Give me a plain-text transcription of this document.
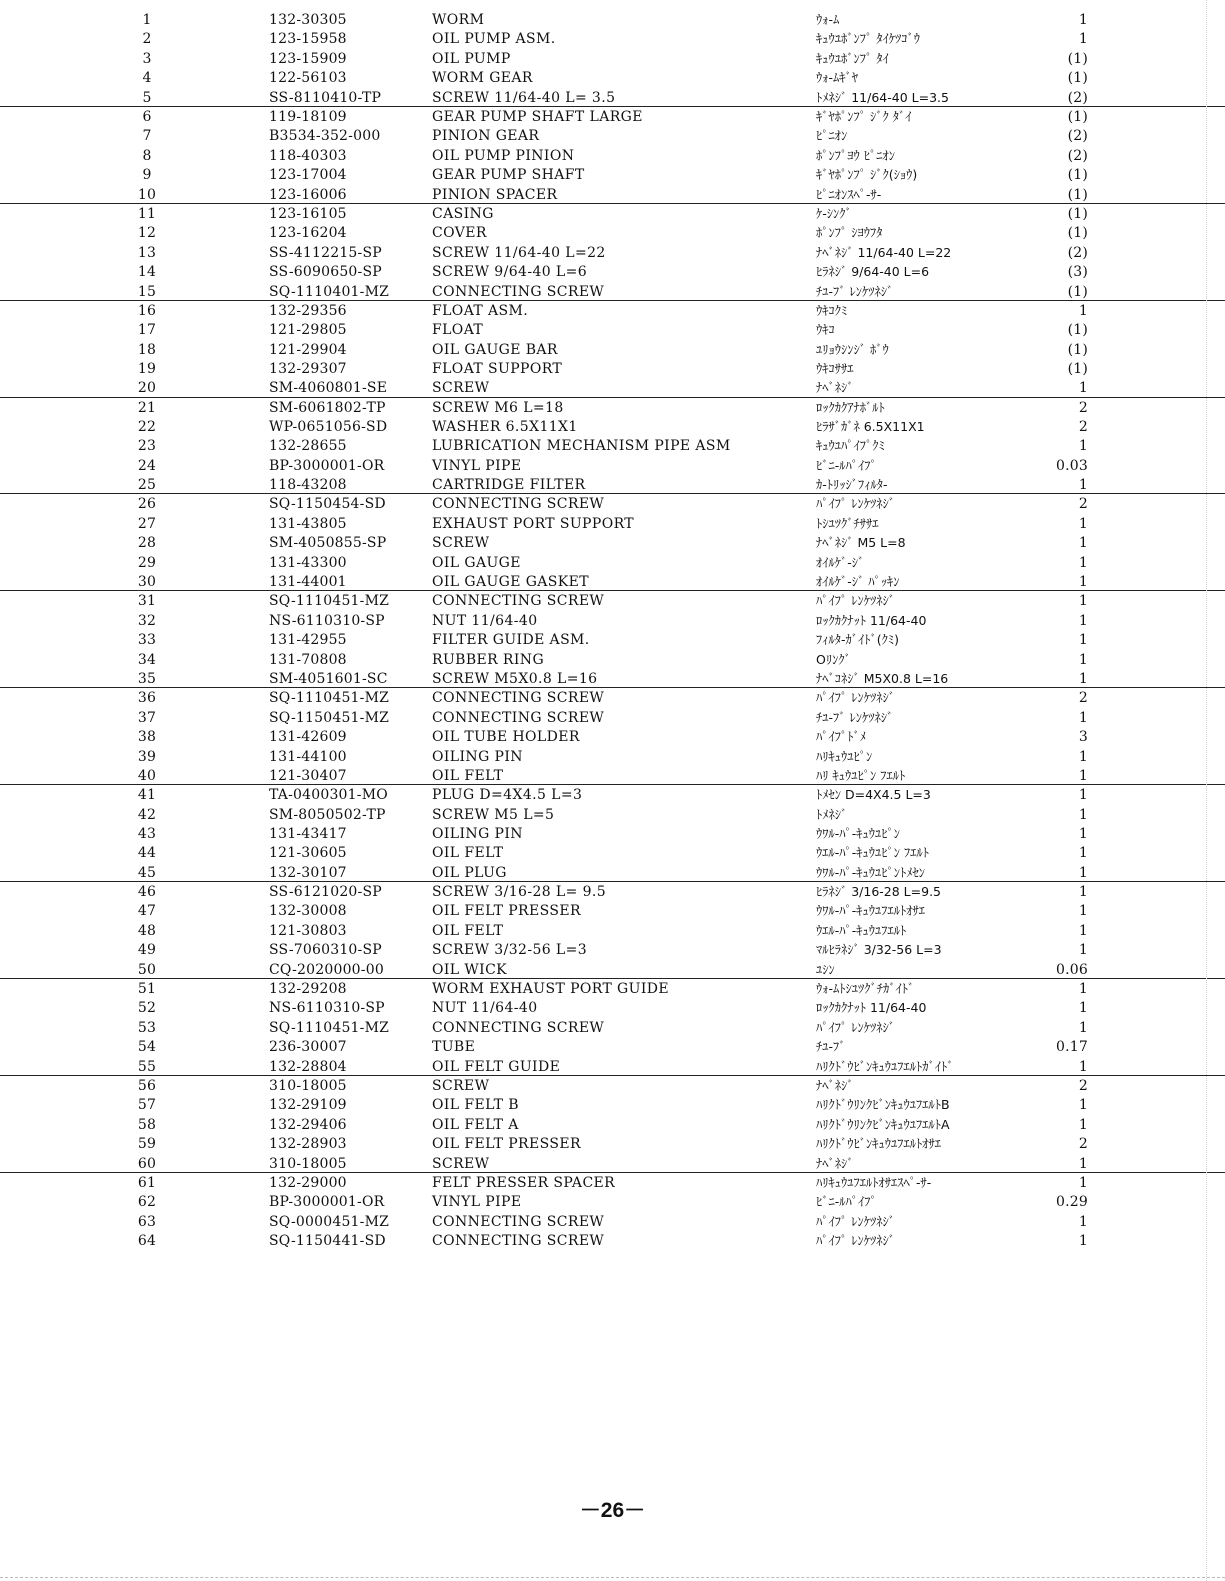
1	132-30305	WORM	ｳｫ-ﾑ	1
2	123-15958	OIL PUMP ASM.	ｷｭｳﾕﾎﾞﾝﾌﾟ ﾀｲｹﾂｺﾞｳ	1
3	123-15909	OIL PUMP	ｷｭｳﾕﾎﾞﾝﾌﾟ ﾀｲ	(1)
4	122-56103	WORM GEAR	ｳｫ-ﾑｷﾞﾔ	(1)
5	SS-8110410-TP	SCREW 11/64-40 L= 3.5	ﾄﾒﾈｼﾞ 11/64-40 L=3.5	(2)
6	119-18109	GEAR PUMP SHAFT LARGE	ｷﾞﾔﾎﾟﾝﾌﾟ ｼﾞｸ ﾀﾞｲ	(1)
7	B3534-352-000	PINION GEAR	ﾋﾟﾆｵﾝ	(2)
8	118-40303	OIL PUMP PINION	ﾎﾟﾝﾌﾟﾖｳ ﾋﾟﾆｵﾝ	(2)
9	123-17004	GEAR PUMP SHAFT	ｷﾞﾔﾎﾟﾝﾌﾟ ｼﾞｸ(ｼｮｳ)	(1)
10	123-16006	PINION SPACER	ﾋﾟﾆｵﾝｽﾍﾟ-ｻ-	(1)
11	123-16105	CASING	ｹ-ｼﾝｸﾞ	(1)
12	123-16204	COVER	ﾎﾟﾝﾌﾟ ｼﾖｳﾌﾀ	(1)
13	SS-4112215-SP	SCREW 11/64-40 L=22	ﾅﾍﾞﾈｼﾞ 11/64-40 L=22	(2)
14	SS-6090650-SP	SCREW 9/64-40 L=6	ﾋﾗﾈｼﾞ 9/64-40 L=6	(3)
15	SQ-1110401-MZ	CONNECTING SCREW	ﾁﾕ-ﾌﾞ ﾚﾝｹﾂﾈｼﾞ	(1)
16	132-29356	FLOAT ASM.	ｳｷｺｸﾐ	1
17	121-29805	FLOAT	ｳｷｺ	(1)
18	121-29904	OIL GAUGE BAR	ﾕﾘｮｳｼﾝｼﾞ ﾎﾞｳ	(1)
19	132-29307	FLOAT SUPPORT	ｳｷｺｻｻｴ	(1)
20	SM-4060801-SE	SCREW	ﾅﾍﾞﾈｼﾞ	1
21	SM-6061802-TP	SCREW M6 L=18	ﾛｯｸｶｸｱﾅﾎﾞﾙﾄ	2
22	WP-0651056-SD	WASHER 6.5X11X1	ﾋﾗｻﾞｶﾞﾈ 6.5X11X1	2
23	132-28655	LUBRICATION MECHANISM PIPE ASM	ｷｭｳﾕﾊﾟｲﾌﾟｸﾐ	1
24	BP-3000001-OR	VINYL PIPE	ﾋﾞﾆ-ﾙﾊﾟｲﾌﾟ	0.03
25	118-43208	CARTRIDGE FILTER	ｶ-ﾄﾘｯｼﾞﾌｨﾙﾀ-	1
26	SQ-1150454-SD	CONNECTING SCREW	ﾊﾟｲﾌﾟ ﾚﾝｹﾂﾈｼﾞ	2
27	131-43805	EXHAUST PORT SUPPORT	ﾄｼﾕﾂｸﾞﾁｻｻｴ	1
28	SM-4050855-SP	SCREW	ﾅﾍﾞﾈｼﾞ M5 L=8	1
29	131-43300	OIL GAUGE	ｵｲﾙｹﾞ-ｼﾞ	1
30	131-44001	OIL GAUGE GASKET	ｵｲﾙｹﾞ-ｼﾞ ﾊﾟｯｷﾝ	1
31	SQ-1110451-MZ	CONNECTING SCREW	ﾊﾟｲﾌﾟ ﾚﾝｹﾂﾈｼﾞ	1
32	NS-6110310-SP	NUT 11/64-40	ﾛｯｸｶｸﾅｯﾄ 11/64-40	1
33	131-42955	FILTER GUIDE ASM.	ﾌｨﾙﾀ-ｶﾞｲﾄﾞ(ｸﾐ)	1
34	131-70808	RUBBER RING	Oﾘﾝｸﾞ	1
35	SM-4051601-SC	SCREW M5X0.8 L=16	ﾅﾍﾞｺﾈｼﾞ M5X0.8 L=16	1
36	SQ-1110451-MZ	CONNECTING SCREW	ﾊﾟｲﾌﾟ ﾚﾝｹﾂﾈｼﾞ	2
37	SQ-1150451-MZ	CONNECTING SCREW	ﾁﾕ-ﾌﾞ ﾚﾝｹﾂﾈｼﾞ	1
38	131-42609	OIL TUBE HOLDER	ﾊﾟｲﾌﾟﾄﾞﾒ	3
39	131-44100	OILING PIN	ﾊﾘｷｭｳﾕﾋﾟﾝ	1
40	121-30407	OIL FELT	ﾊﾘ ｷｭｳﾕﾋﾟﾝ ﾌｴﾙﾄ	1
41	TA-0400301-MO	PLUG D=4X4.5 L=3	ﾄﾒｾﾝ D=4X4.5 L=3	1
42	SM-8050502-TP	SCREW M5 L=5	ﾄﾒﾈｼﾞ	1
43	131-43417	OILING PIN	ｳﾜﾙ-ﾊﾟ-ｷｭｳﾕﾋﾟﾝ	1
44	121-30605	OIL FELT	ｳｴﾙ-ﾊﾟ-ｷｭｳﾕﾋﾟﾝ ﾌｴﾙﾄ	1
45	132-30107	OIL PLUG	ｳﾜﾙ-ﾊﾟ-ｷｭｳﾕﾋﾟﾝﾄﾒｾﾝ	1
46	SS-6121020-SP	SCREW 3/16-28 L= 9.5	ﾋﾗﾈｼﾞ 3/16-28 L=9.5	1
47	132-30008	OIL FELT PRESSER	ｳﾜﾙ-ﾊﾟ-ｷｭｳﾕﾌｴﾙﾄｵｻｴ	1
48	121-30803	OIL FELT	ｳｴﾙ-ﾊﾟ-ｷｭｳﾕﾌｴﾙﾄ	1
49	SS-7060310-SP	SCREW 3/32-56 L=3	ﾏﾙﾋﾗﾈｼﾞ 3/32-56 L=3	1
50	CQ-2020000-00	OIL WICK	ﾕｼﾝ	0.06
51	132-29208	WORM EXHAUST PORT GUIDE	ｳｫ-ﾑﾄｼﾕﾂｸﾞﾁｶﾞｲﾄﾞ	1
52	NS-6110310-SP	NUT 11/64-40	ﾛｯｸｶｸﾅｯﾄ 11/64-40	1
53	SQ-1110451-MZ	CONNECTING SCREW	ﾊﾟｲﾌﾟ ﾚﾝｹﾂﾈｼﾞ	1
54	236-30007	TUBE	ﾁﾕ-ﾌﾞ	0.17
55	132-28804	OIL FELT GUIDE	ﾊﾘｸﾄﾞｳﾋﾞﾝｷｭｳﾕﾌｴﾙﾄｶﾞｲﾄﾞ	1
56	310-18005	SCREW	ﾅﾍﾞﾈｼﾞ	2
57	132-29109	OIL FELT B	ﾊﾘｸﾄﾞｳﾘﾝｸﾋﾞﾝｷｭｳﾕﾌｴﾙﾄB	1
58	132-29406	OIL FELT A	ﾊﾘｸﾄﾞｳﾘﾝｸﾋﾞﾝｷｭｳﾕﾌｴﾙﾄA	1
59	132-28903	OIL FELT PRESSER	ﾊﾘｸﾄﾞｳﾋﾞﾝｷｭｳﾕﾌｴﾙﾄｵｻｴ	2
60	310-18005	SCREW	ﾅﾍﾞﾈｼﾞ	1
61	132-29000	FELT PRESSER SPACER	ﾊﾘｷｭｳﾕﾌｴﾙﾄｵｻｴｽﾍﾟ-ｻ-	1
62	BP-3000001-OR	VINYL PIPE	ﾋﾞﾆ-ﾙﾊﾟｲﾌﾟ	0.29
63	SQ-0000451-MZ	CONNECTING SCREW	ﾊﾟｲﾌﾟ ﾚﾝｹﾂﾈｼﾞ	1
64	SQ-1150441-SD	CONNECTING SCREW	ﾊﾟｲﾌﾟ ﾚﾝｹﾂﾈｼﾞ	1
－26－
